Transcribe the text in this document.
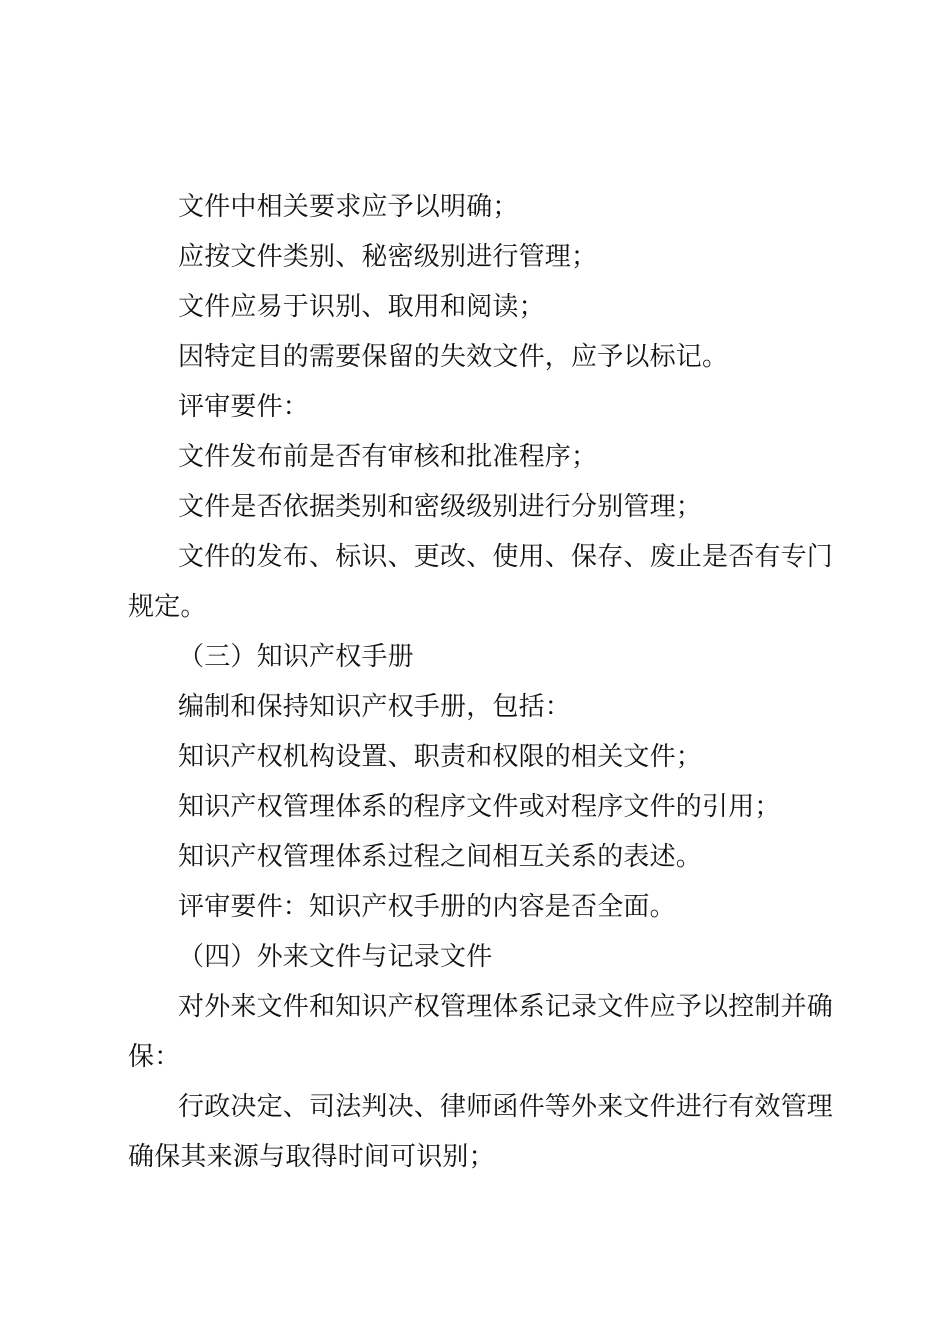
文件中相关要求应予以明确；

应按文件类别、秘密级别进行管理；

文件应易于识别、取用和阅读；

因特定目的需要保留的失效文件，应予以标记。

评审要件：

文件发布前是否有审核和批准程序；

文件是否依据类别和密级级别进行分别管理；

文件的发布、标识、更改、使用、保存、废止是否有专门规定。

（三）知识产权手册

编制和保持知识产权手册，包括：

知识产权机构设置、职责和权限的相关文件；

知识产权管理体系的程序文件或对程序文件的引用；

知识产权管理体系过程之间相互关系的表述。

评审要件：知识产权手册的内容是否全面。

（四）外来文件与记录文件

对外来文件和知识产权管理体系记录文件应予以控制并确保：

行政决定、司法判决、律师函件等外来文件进行有效管理确保其来源与取得时间可识别；
